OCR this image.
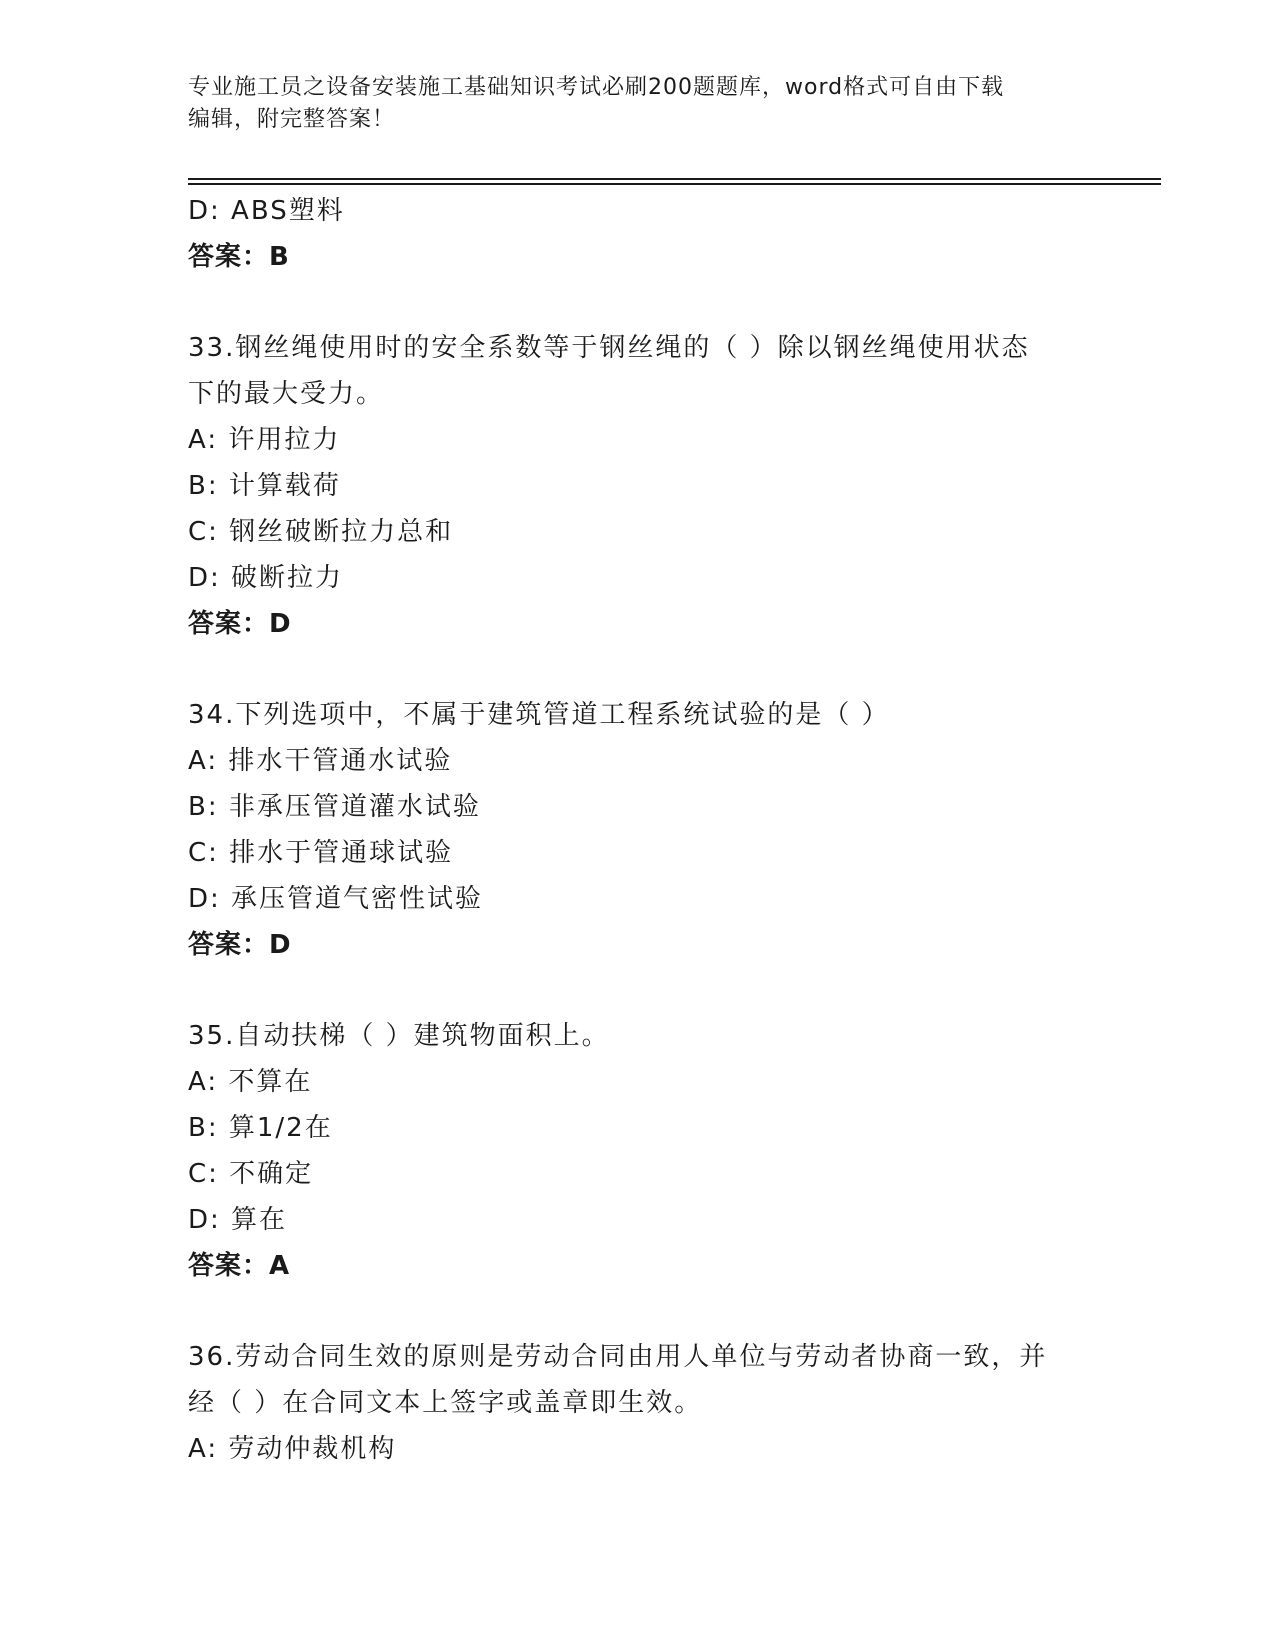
专业施工员之设备安装施工基础知识考试必刷200题题库，word格式可自由下载
编辑，附完整答案！
D: ABS塑料
答案：B
33.钢丝绳使用时的安全系数等于钢丝绳的（ ）除以钢丝绳使用状态
下的最大受力。
A: 许用拉力
B: 计算载荷
C: 钢丝破断拉力总和
D: 破断拉力
答案：D
34.下列选项中，不属于建筑管道工程系统试验的是（ ）
A: 排水干管通水试验
B: 非承压管道灌水试验
C: 排水于管通球试验
D: 承压管道气密性试验
答案：D
35.自动扶梯（ ）建筑物面积上。
A: 不算在
B: 算1/2在
C: 不确定
D: 算在
答案：A
36.劳动合同生效的原则是劳动合同由用人单位与劳动者协商一致，并
经（ ）在合同文本上签字或盖章即生效。
A: 劳动仲裁机构
